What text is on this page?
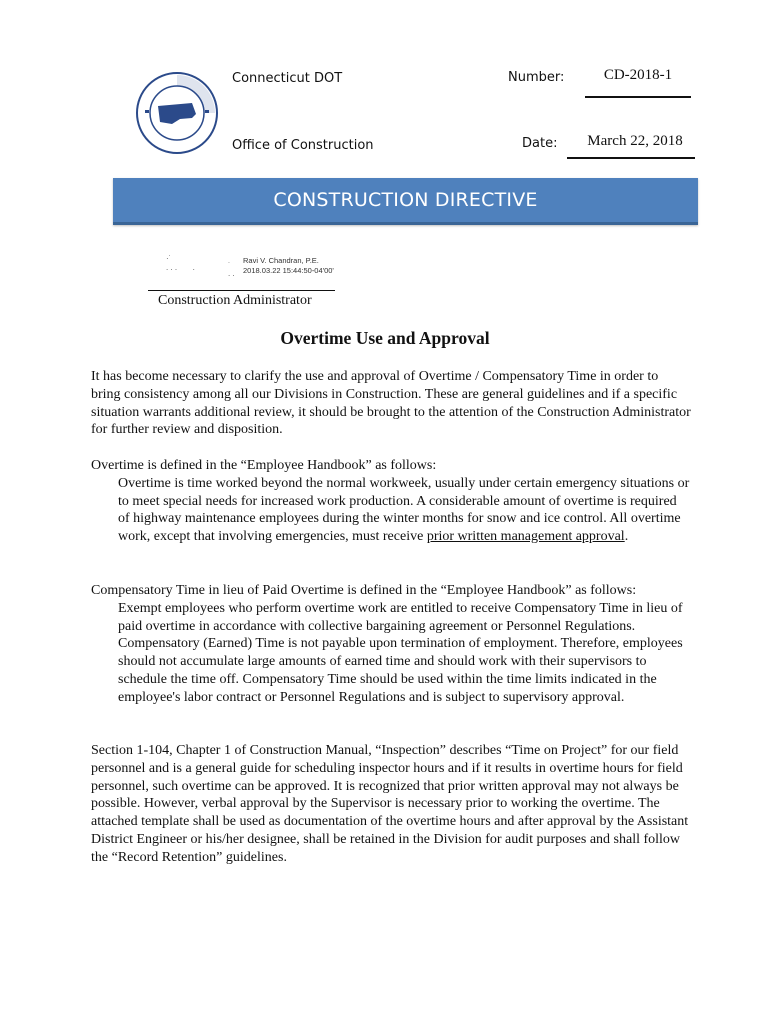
Connecticut DOT
Office of Construction
Number:	CD-2018-1
Date:	March 22, 2018
CONSTRUCTION DIRECTIVE
·˙
. . .       .	˙
. .
Ravi V. Chandran, P.E.
2018.03.22 15:44:50-04'00'
Construction Administrator
Overtime Use and Approval
It has become necessary to clarify the use and approval of Overtime / Compensatory Time in order to bring consistency among all our Divisions in Construction. These are general guidelines and if a specific situation warrants additional review, it should be brought to the attention of the Construction Administrator for further review and disposition.
Overtime is defined in the “Employee Handbook” as follows:
Overtime is time worked beyond the normal workweek, usually under certain emergency situations or to meet special needs for increased work production. A considerable amount of overtime is required of highway maintenance employees during the winter months for snow and ice control. All overtime work, except that involving emergencies, must receive prior written management approval.
Compensatory Time in lieu of Paid Overtime is defined in the “Employee Handbook” as follows:
Exempt employees who perform overtime work are entitled to receive Compensatory Time in lieu of paid overtime in accordance with collective bargaining agreement or Personnel Regulations. Compensatory (Earned) Time is not payable upon termination of employment. Therefore, employees should not accumulate large amounts of earned time and should work with their supervisors to schedule the time off. Compensatory Time should be used within the time limits indicated in the employee's labor contract or Personnel Regulations and is subject to supervisory approval.
Section 1-104, Chapter 1 of Construction Manual, “Inspection” describes “Time on Project” for our field personnel and is a general guide for scheduling inspector hours and if it results in overtime hours for field personnel, such overtime can be approved. It is recognized that prior written approval may not always be possible. However, verbal approval by the Supervisor is necessary prior to working the overtime. The attached template shall be used as documentation of the overtime hours and after approval by the Assistant District Engineer or his/her designee, shall be retained in the Division for audit purposes and shall follow the “Record Retention” guidelines.
